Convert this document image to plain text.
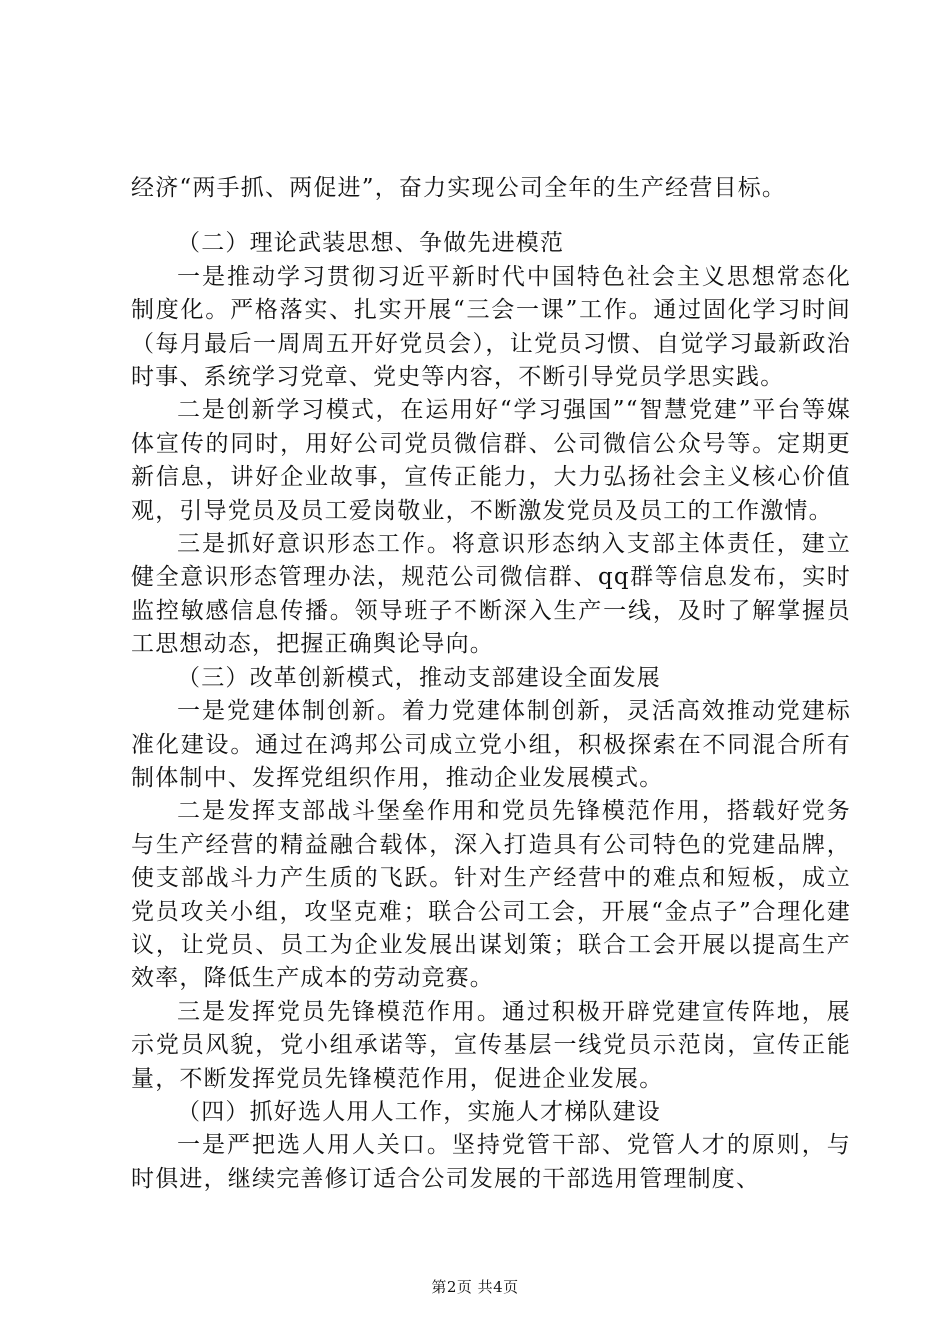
经济“两手抓、两促进”，奋力实现公司全年的生产经营目标。

（二）理论武装思想、争做先进模范

一是推动学习贯彻习近平新时代中国特色社会主义思想常态化制度化。严格落实、扎实开展“三会一课”工作。通过固化学习时间（每月最后一周周五开好党员会），让党员习惯、自觉学习最新政治时事、系统学习党章、党史等内容，不断引导党员学思实践。

二是创新学习模式，在运用好“学习强国”“智慧党建”平台等媒体宣传的同时，用好公司党员微信群、公司微信公众号等。定期更新信息，讲好企业故事，宣传正能力，大力弘扬社会主义核心价值观，引导党员及员工爱岗敬业，不断激发党员及员工的工作激情。

三是抓好意识形态工作。将意识形态纳入支部主体责任，建立健全意识形态管理办法，规范公司微信群、qq群等信息发布，实时监控敏感信息传播。领导班子不断深入生产一线，及时了解掌握员工思想动态，把握正确舆论导向。

（三）改革创新模式，推动支部建设全面发展

一是党建体制创新。着力党建体制创新，灵活高效推动党建标准化建设。通过在鸿邦公司成立党小组，积极探索在不同混合所有制体制中、发挥党组织作用，推动企业发展模式。

二是发挥支部战斗堡垒作用和党员先锋模范作用，搭载好党务与生产经营的精益融合载体，深入打造具有公司特色的党建品牌，使支部战斗力产生质的飞跃。针对生产经营中的难点和短板，成立党员攻关小组，攻坚克难；联合公司工会，开展“金点子”合理化建议，让党员、员工为企业发展出谋划策；联合工会开展以提高生产效率，降低生产成本的劳动竞赛。

三是发挥党员先锋模范作用。通过积极开辟党建宣传阵地，展示党员风貌，党小组承诺等，宣传基层一线党员示范岗，宣传正能量，不断发挥党员先锋模范作用，促进企业发展。

（四）抓好选人用人工作，实施人才梯队建设

一是严把选人用人关口。坚持党管干部、党管人才的原则，与时俱进，继续完善修订适合公司发展的干部选用管理制度、

第2页 共4页
